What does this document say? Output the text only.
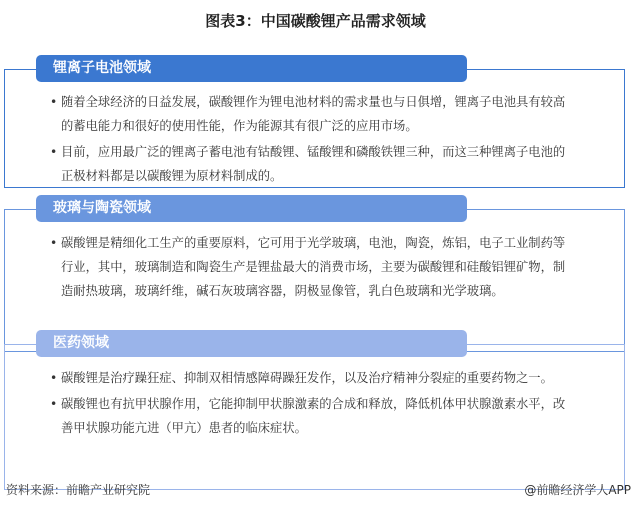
图表3：中国碳酸锂产品需求领域
锂离子电池领域
• 随着全球经济的日益发展，碳酸锂作为锂电池材料的需求量也与日俱增，锂离子电池具有较高的蓄电能力和很好的使用性能，作为能源其有很广泛的应用市场。
• 目前，应用最广泛的锂离子蓄电池有钴酸锂、锰酸锂和磷酸铁锂三种，而这三种锂离子电池的正极材料都是以碳酸锂为原材料制成的。
玻璃与陶瓷领域
• 碳酸锂是精细化工生产的重要原料，它可用于光学玻璃，电池，陶瓷，炼铝，电子工业制药等行业，其中，玻璃制造和陶瓷生产是锂盐最大的消费市场，主要为碳酸锂和硅酸铝锂矿物，制造耐热玻璃，玻璃纤维，碱石灰玻璃容器，阴极显像管，乳白色玻璃和光学玻璃。
医药领域
• 碳酸锂是治疗躁狂症、抑制双相情感障碍躁狂发作，以及治疗精神分裂症的重要药物之一。
• 碳酸锂也有抗甲状腺作用，它能抑制甲状腺激素的合成和释放，降低机体甲状腺激素水平，改善甲状腺功能亢进（甲亢）患者的临床症状。
资料来源：前瞻产业研究院	@前瞻经济学人APP
